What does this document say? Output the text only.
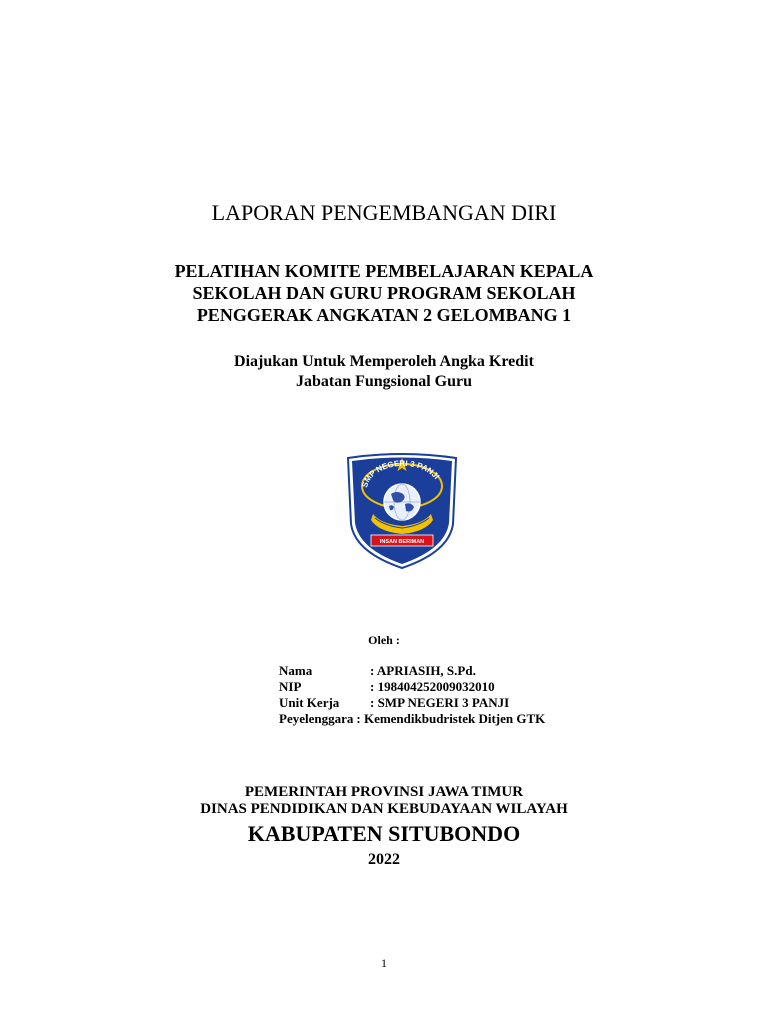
LAPORAN PENGEMBANGAN DIRI
PELATIHAN KOMITE PEMBELAJARAN KEPALA
SEKOLAH DAN GURU PROGRAM SEKOLAH
PENGGERAK ANGKATAN 2 GELOMBANG 1
Diajukan Untuk Memperoleh Angka Kredit
Jabatan Fungsional Guru
SMP NEGERI 3 PANJI
INSAN BERIMAN
Oleh :
Nama	: APRIASIH, S.Pd.
NIP	: 198404252009032010
Unit Kerja	: SMP NEGERI 3 PANJI
Peyelenggara : Kemendikbudristek Ditjen GTK
PEMERINTAH PROVINSI JAWA TIMUR
DINAS PENDIDIKAN DAN KEBUDAYAAN WILAYAH
KABUPATEN SITUBONDO
2022
1
